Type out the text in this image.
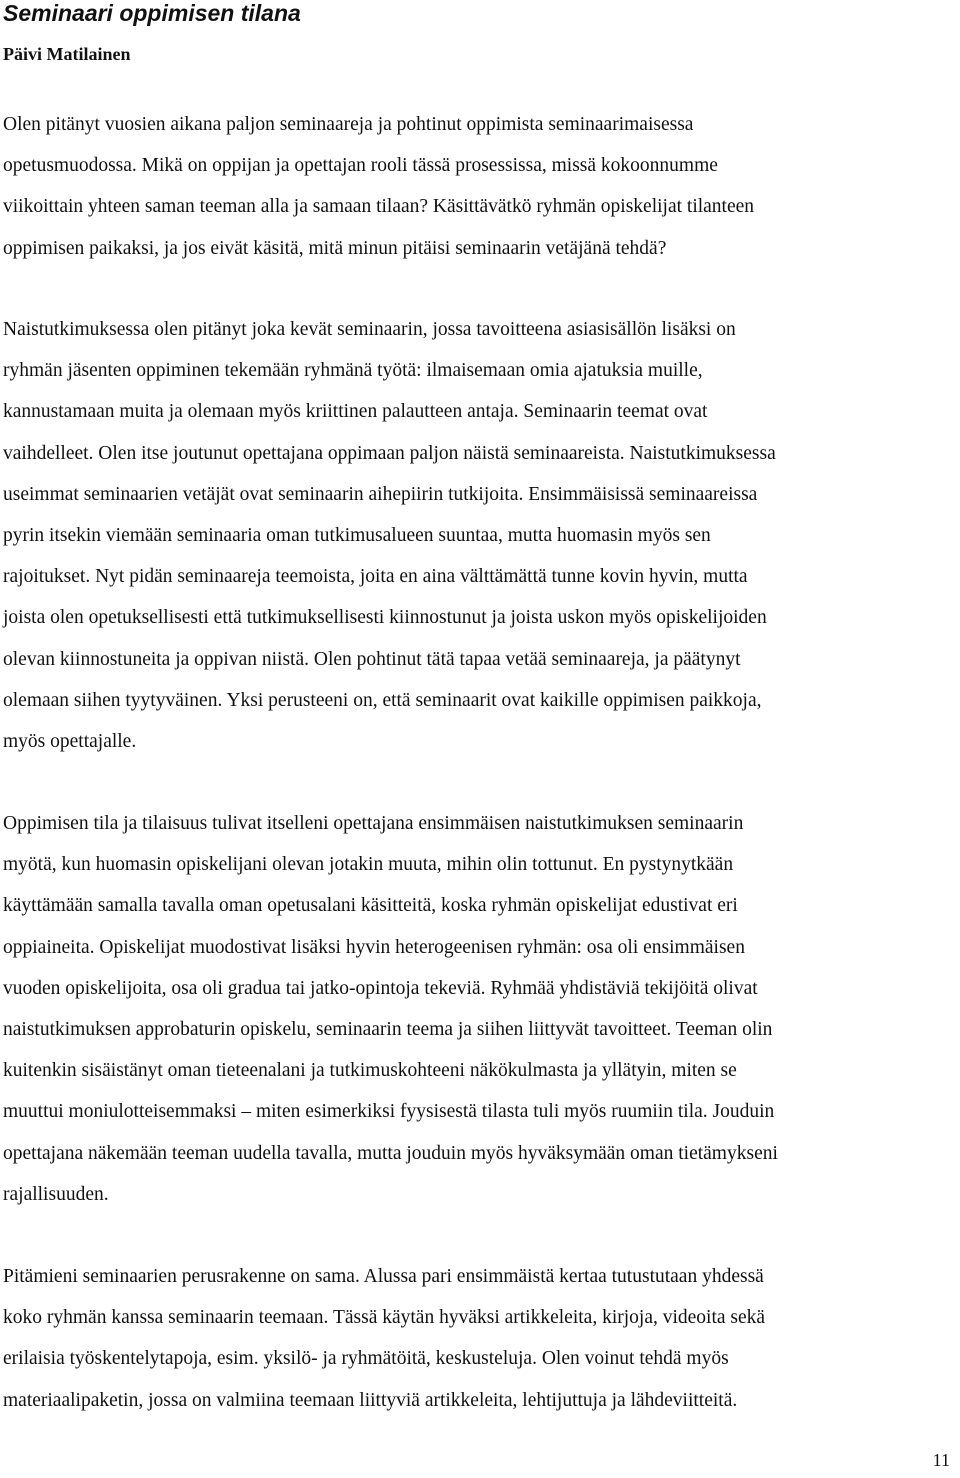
Seminaari oppimisen tilana
Päivi Matilainen

Olen pitänyt vuosien aikana paljon seminaareja ja pohtinut oppimista seminaarimaisessa
opetusmuodossa. Mikä on oppijan ja opettajan rooli tässä prosessissa, missä kokoonnumme
viikoittain yhteen saman teeman alla ja samaan tilaan? Käsittävätkö ryhmän opiskelijat tilanteen
oppimisen paikaksi, ja jos eivät käsitä, mitä minun pitäisi seminaarin vetäjänä tehdä?

Naistutkimuksessa olen pitänyt joka kevät seminaarin, jossa tavoitteena asiasisällön lisäksi on
ryhmän jäsenten oppiminen tekemään ryhmänä työtä: ilmaisemaan omia ajatuksia muille,
kannustamaan muita ja olemaan myös kriittinen palautteen antaja. Seminaarin teemat ovat
vaihdelleet. Olen itse joutunut opettajana oppimaan paljon näistä seminaareista. Naistutkimuksessa
useimmat seminaarien vetäjät ovat seminaarin aihepiirin tutkijoita. Ensimmäisissä seminaareissa
pyrin itsekin viemään seminaaria oman tutkimusalueen suuntaa, mutta huomasin myös sen
rajoitukset. Nyt pidän seminaareja teemoista, joita en aina välttämättä tunne kovin hyvin, mutta
joista olen opetuksellisesti että tutkimuksellisesti kiinnostunut ja joista uskon myös opiskelijoiden
olevan kiinnostuneita ja oppivan niistä. Olen pohtinut tätä tapaa vetää seminaareja, ja päätynyt
olemaan siihen tyytyväinen. Yksi perusteeni on, että seminaarit ovat kaikille oppimisen paikkoja,
myös opettajalle.

Oppimisen tila ja tilaisuus tulivat itselleni opettajana ensimmäisen naistutkimuksen seminaarin
myötä, kun huomasin opiskelijani olevan jotakin muuta, mihin olin tottunut. En pystynytkään
käyttämään samalla tavalla oman opetusalani käsitteitä, koska ryhmän opiskelijat edustivat eri
oppiaineita. Opiskelijat muodostivat lisäksi hyvin heterogeenisen ryhmän: osa oli ensimmäisen
vuoden opiskelijoita, osa oli gradua tai jatko-opintoja tekeviä. Ryhmää yhdistäviä tekijöitä olivat
naistutkimuksen approbaturin opiskelu, seminaarin teema ja siihen liittyvät tavoitteet. Teeman olin
kuitenkin sisäistänyt oman tieteenalani ja tutkimuskohteeni näkökulmasta ja yllätyin, miten se
muuttui moniulotteisemmaksi – miten esimerkiksi fyysisestä tilasta tuli myös ruumiin tila. Jouduin
opettajana näkemään teeman uudella tavalla, mutta jouduin myös hyväksymään oman tietämykseni
rajallisuuden.

Pitämieni seminaarien perusrakenne on sama. Alussa pari ensimmäistä kertaa tutustutaan yhdessä
koko ryhmän kanssa seminaarin teemaan. Tässä käytän hyväksi artikkeleita, kirjoja, videoita sekä
erilaisia työskentelytapoja, esim. yksilö- ja ryhmätöitä, keskusteluja. Olen voinut tehdä myös
materiaalipaketin, jossa on valmiina teemaan liittyviä artikkeleita, lehtijuttuja ja lähdeviitteitä.

11
